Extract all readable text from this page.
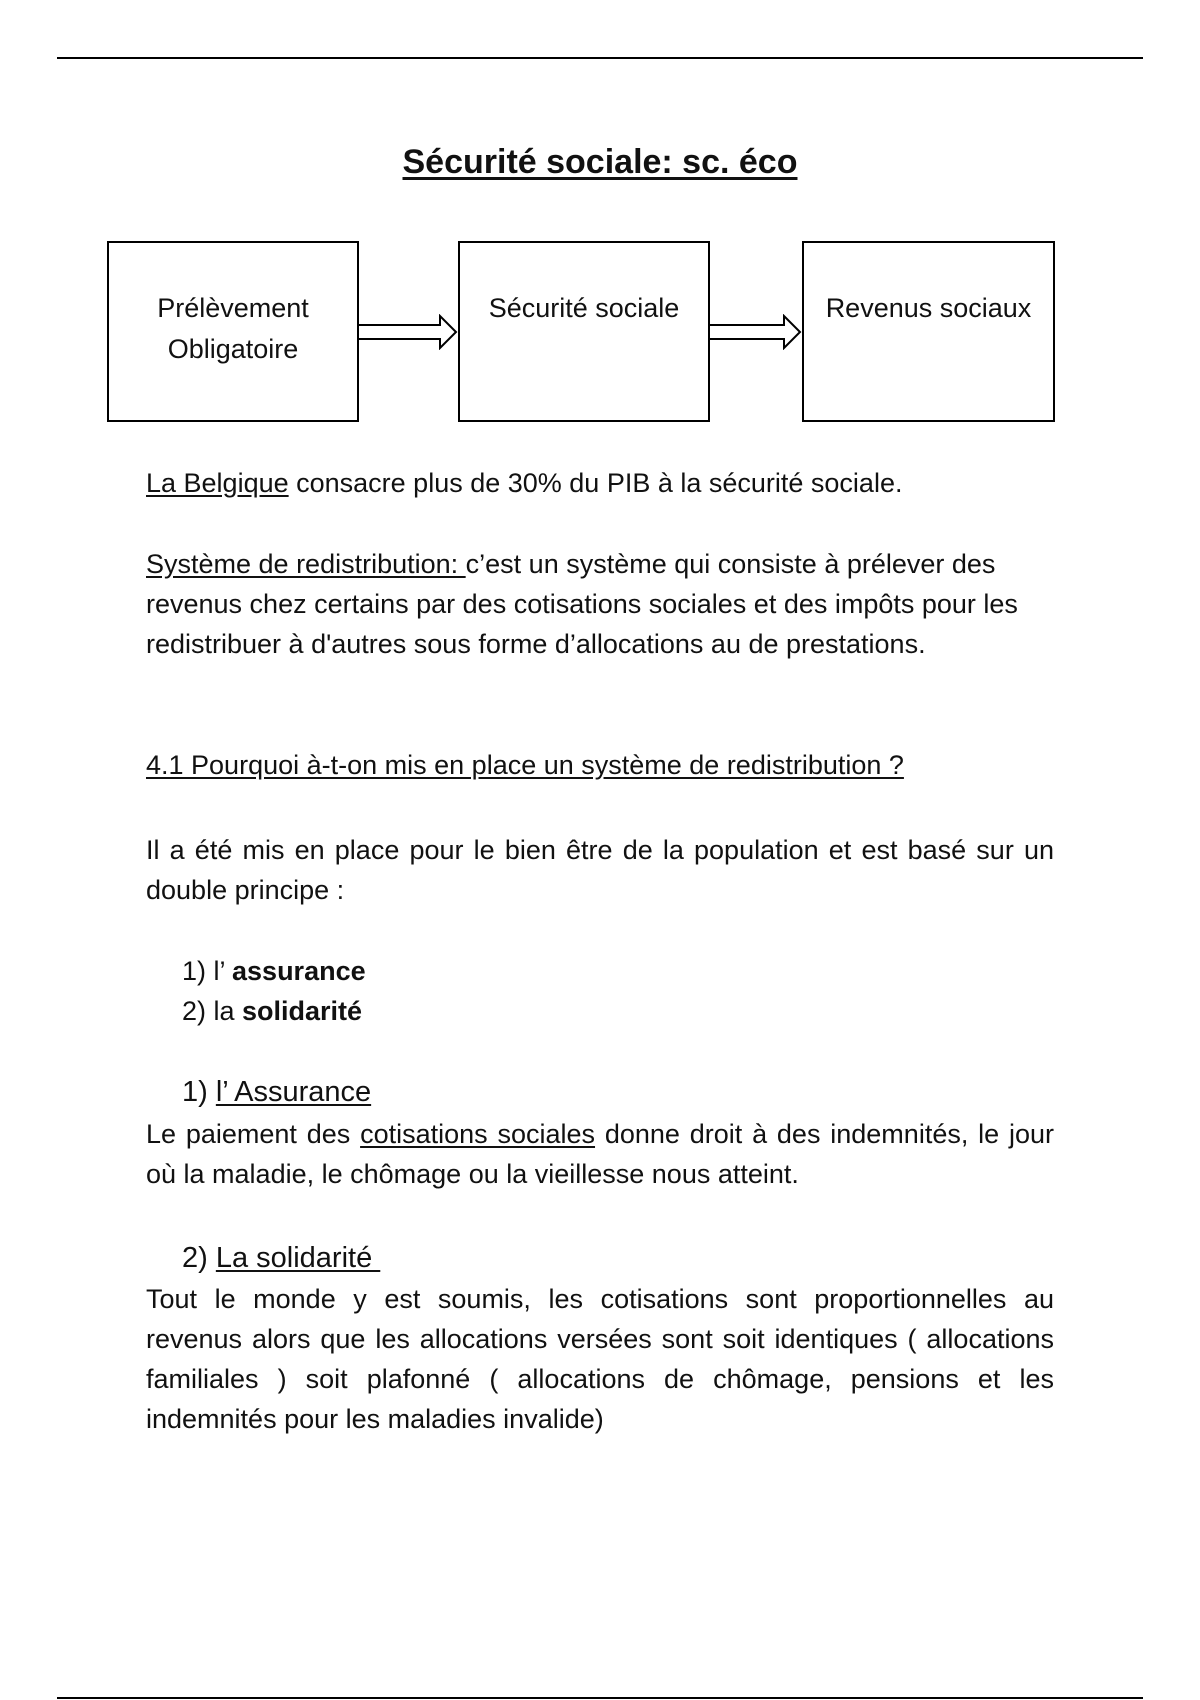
Sécurité sociale: sc. éco
Prélèvement
Obligatoire
Sécurité sociale	Revenus sociaux
La Belgique consacre plus de 30% du PIB à la sécurité sociale.
Système de redistribution: c’est un système qui consiste à prélever des revenus chez certains par des cotisations sociales et des impôts pour les redistribuer à d'autres sous forme d’allocations au de prestations.
4.1 Pourquoi à-t-on mis en place un système de redistribution ?
Il a été mis en place pour le bien être de la population et est basé sur un double principe :
1) l’ assurance
2) la solidarité
1) l’ Assurance
Le paiement des cotisations sociales donne droit à des indemnités, le jour où la maladie, le chômage ou la vieillesse nous atteint.
2) La solidarité
Tout le monde y est soumis, les cotisations sont proportionnelles au revenus alors que les allocations versées sont soit identiques ( allocations familiales ) soit plafonné ( allocations de chômage, pensions et les indemnités pour les maladies invalide)
